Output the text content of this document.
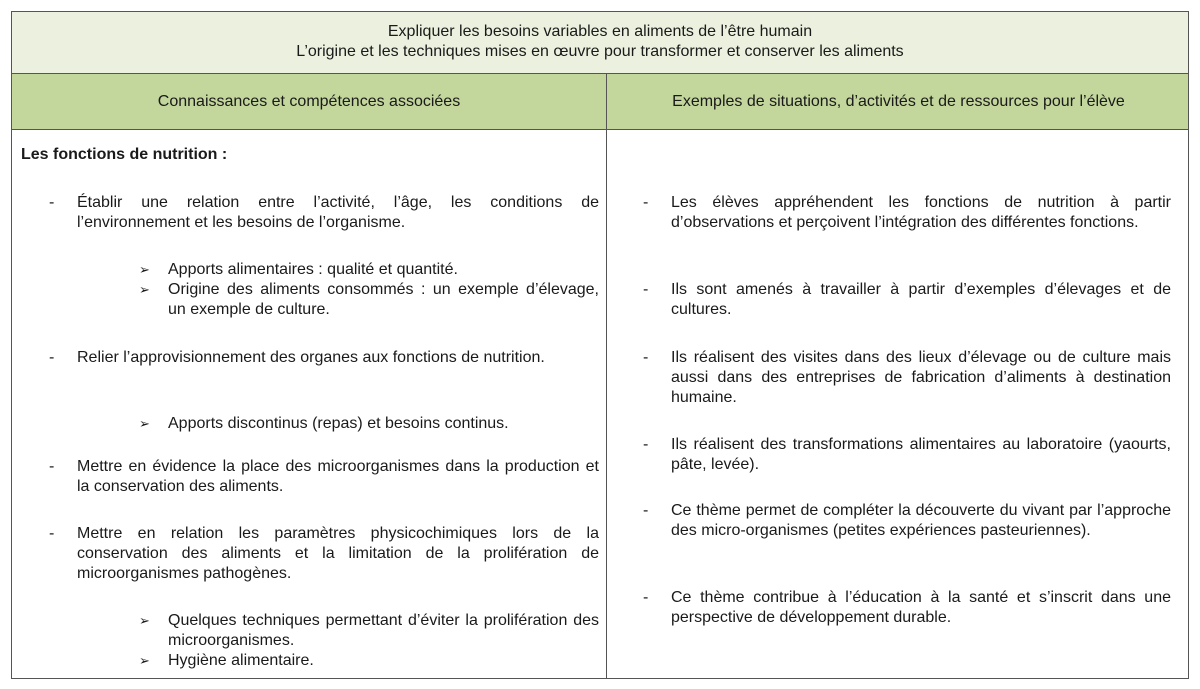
Expliquer les besoins variables en aliments de l’être humain
L’origine et les techniques mises en œuvre pour transformer et conserver les aliments
Connaissances et compétences associées	Exemples de situations, d’activités et de ressources pour l’élève
Les fonctions de nutrition :
- Établir une relation entre l’activité, l’âge, les conditions de l’environnement et les besoins de l’organisme.
➢ Apports alimentaires : qualité et quantité.
➢ Origine des aliments consommés : un exemple d’élevage, un exemple de culture.
- Relier l’approvisionnement des organes aux fonctions de nutrition.
➢ Apports discontinus (repas) et besoins continus.
- Mettre en évidence la place des microorganismes dans la production et la conservation des aliments.
- Mettre en relation les paramètres physicochimiques lors de la conservation des aliments et la limitation de la prolifération de microorganismes pathogènes.
➢ Quelques techniques permettant d’éviter la prolifération des microorganismes.
➢ Hygiène alimentaire.
- Les élèves appréhendent les fonctions de nutrition à partir d’observations et perçoivent l’intégration des différentes fonctions.
- Ils sont amenés à travailler à partir d’exemples d’élevages et de cultures.
- Ils réalisent des visites dans des lieux d’élevage ou de culture mais aussi dans des entreprises de fabrication d’aliments à destination humaine.
- Ils réalisent des transformations alimentaires au laboratoire (yaourts, pâte, levée).
- Ce thème permet de compléter la découverte du vivant par l’approche des micro-organismes (petites expériences pasteuriennes).
- Ce thème contribue à l’éducation à la santé et s’inscrit dans une perspective de développement durable.
